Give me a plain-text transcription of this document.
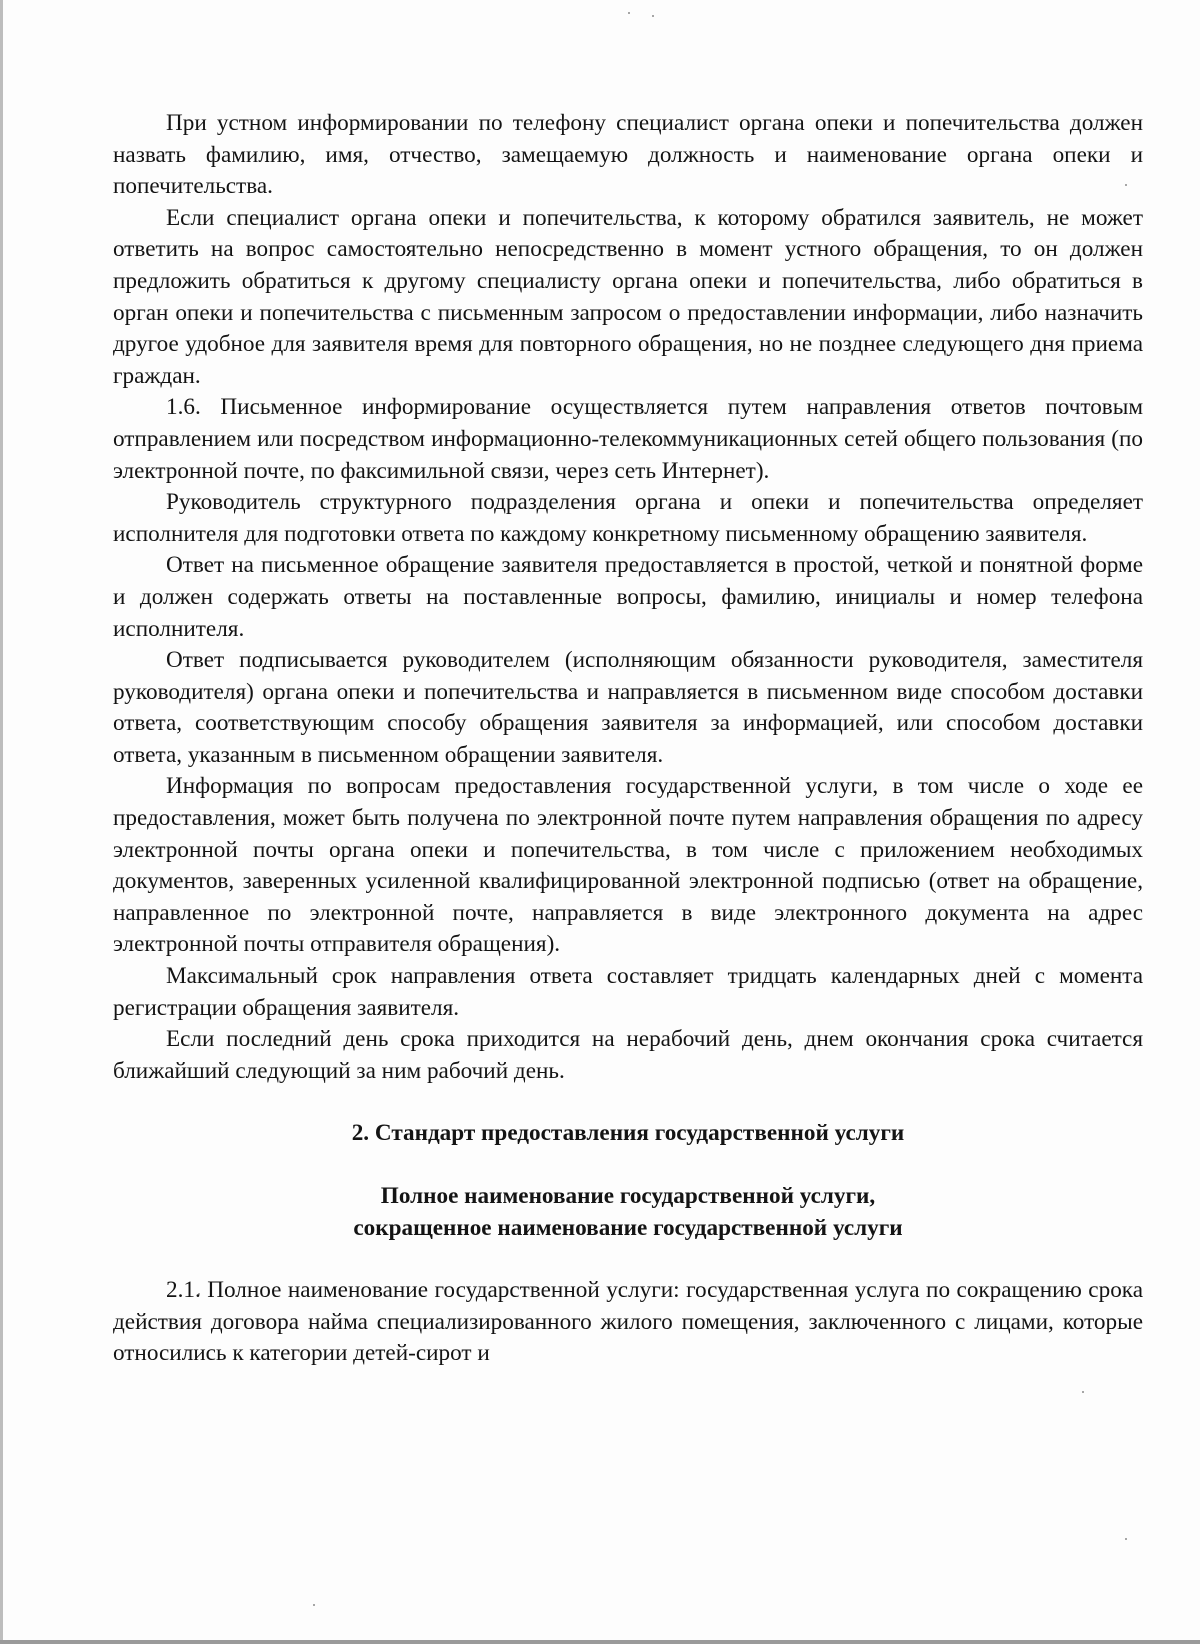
При устном информировании по телефону специалист органа опеки и попечительства должен назвать фамилию, имя, отчество, замещаемую должность и наименование органа опеки и попечительства.

Если специалист органа опеки и попечительства, к которому обратился заявитель, не может ответить на вопрос самостоятельно непосредственно в момент устного обращения, то он должен предложить обратиться к другому специалисту органа опеки и попечительства, либо обратиться в орган опеки и попечительства с письменным запросом о предоставлении информации, либо назначить другое удобное для заявителя время для повторного обращения, но не позднее следующего дня приема граждан.

1.6. Письменное информирование осуществляется путем направления ответов почтовым отправлением или посредством информационно-телекоммуникационных сетей общего пользования (по электронной почте, по факсимильной связи, через сеть Интернет).

Руководитель структурного подразделения органа и опеки и попечительства определяет исполнителя для подготовки ответа по каждому конкретному письменному обращению заявителя.

Ответ на письменное обращение заявителя предоставляется в простой, четкой и понятной форме и должен содержать ответы на поставленные вопросы, фамилию, инициалы и номер телефона исполнителя.

Ответ подписывается руководителем (исполняющим обязанности руководителя, заместителя руководителя) органа опеки и попечительства и направляется в письменном виде способом доставки ответа, соответствующим способу обращения заявителя за информацией, или способом доставки ответа, указанным в письменном обращении заявителя.

Информация по вопросам предоставления государственной услуги, в том числе о ходе ее предоставления, может быть получена по электронной почте путем направления обращения по адресу электронной почты органа опеки и попечительства, в том числе с приложением необходимых документов, заверенных усиленной квалифицированной электронной подписью (ответ на обращение, направленное по электронной почте, направляется в виде электронного документа на адрес электронной почты отправителя обращения).

Максимальный срок направления ответа составляет тридцать календарных дней с момента регистрации обращения заявителя.

Если последний день срока приходится на нерабочий день, днем окончания срока считается ближайший следующий за ним рабочий день.

2. Стандарт предоставления государственной услуги

Полное наименование государственной услуги,

сокращенное наименование государственной услуги

2.1. Полное наименование государственной услуги: государственная услуга по сокращению срока действия договора найма специализированного жилого помещения, заключенного с лицами, которые относились к категории детей-сирот и
